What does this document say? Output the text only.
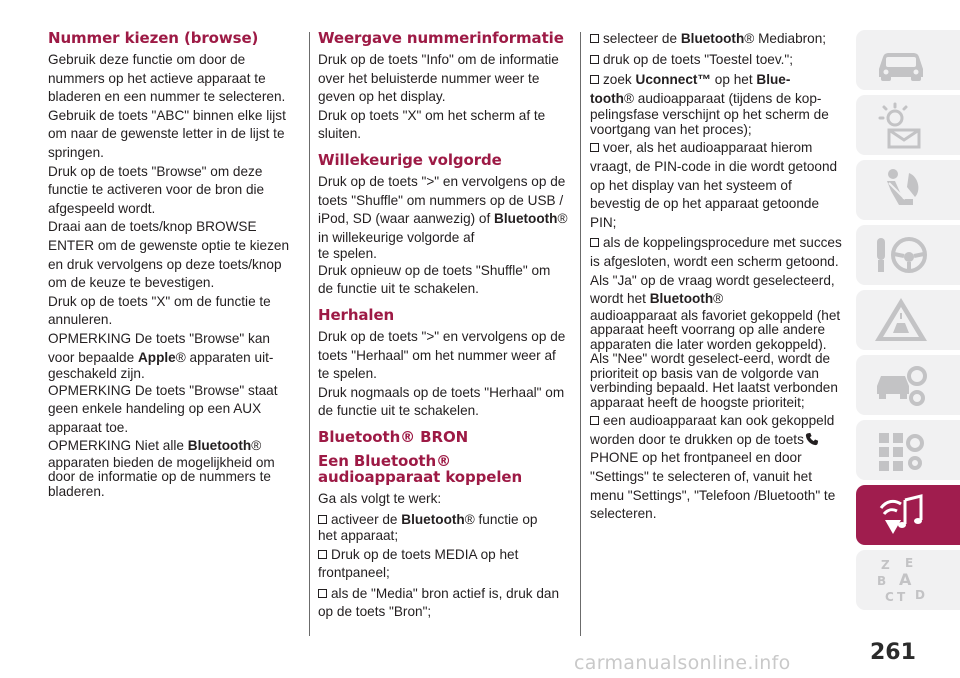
Nummer kiezen (browse)

Gebruik deze functie om door de nummers op het actieve apparaat te bladeren en een nummer te selecteren. Gebruik de toets "ABC" binnen elke lijst om naar de gewenste letter in de lijst te springen.

Druk op de toets "Browse" om deze functie te activeren voor de bron die afgespeeld wordt.

Draai aan de toets/knop BROWSE ENTER om de gewenste optie te kiezen en druk vervolgens op deze toets/knop om de keuze te bevestigen.

Druk op de toets "X" om de functie te annuleren.

OPMERKING De toets "Browse" kan voor bepaalde Apple® apparaten uit-
geschakeld zijn.

OPMERKING De toets "Browse" staat geen enkele handeling op een AUX apparaat toe.

OPMERKING Niet alle Bluetooth®
apparaten bieden de mogelijkheid om door de informatie op de nummers te bladeren.

Weergave nummerinformatie

Druk op de toets "Info" om de informatie over het beluisterde nummer weer te geven op het display.

Druk op toets "X" om het scherm af te sluiten.

Willekeurige volgorde

Druk op de toets ">" en vervolgens op de toets "Shuffle" om nummers op de USB / iPod, SD (waar aanwezig) of Bluetooth® in willekeurige volgorde af
te spelen.

Druk opnieuw op de toets "Shuffle" om de functie uit te schakelen.

Herhalen

Druk op de toets ">" en vervolgens op de toets "Herhaal" om het nummer weer af te spelen.

Druk nogmaals op de toets "Herhaal" om de functie uit te schakelen.

Bluetooth® BRON
Een Bluetooth® audioapparaat koppelen

Ga als volgt te werk:

activeer de Bluetooth® functie op
het apparaat;

Druk op de toets MEDIA op het frontpaneel;

als de "Media" bron actief is, druk dan op de toets "Bron";

selecteer de Bluetooth® Mediabron;

druk op de toets "Toestel toev.";

zoek Uconnect™ op het Blue-
tooth® audioapparaat (tijdens de kop-
pelingsfase verschijnt op het scherm de voortgang van het proces);

voer, als het audioapparaat hierom vraagt, de PIN-code in die wordt getoond op het display van het systeem of bevestig de op het apparaat getoonde PIN;

als de koppelingsprocedure met succes is afgesloten, wordt een scherm getoond. Als "Ja" op de vraag wordt geselecteerd, wordt het Bluetooth®
audioapparaat als favoriet gekoppeld (het apparaat heeft voorrang op alle andere apparaten die later worden gekoppeld). Als "Nee" wordt geselect-eerd, wordt de prioriteit op basis van de volgorde van verbinding bepaald. Het laatst verbonden apparaat heeft de hoogste prioriteit;

een audioapparaat kan ook gekoppeld worden door te drukken op de toetsPHONE op het frontpaneel en door "Settings" te selecteren of, vanuit het menu "Settings", "Telefoon /Bluetooth" te selecteren.

Z E
B A
C T D
261
carmanualsonline.info
